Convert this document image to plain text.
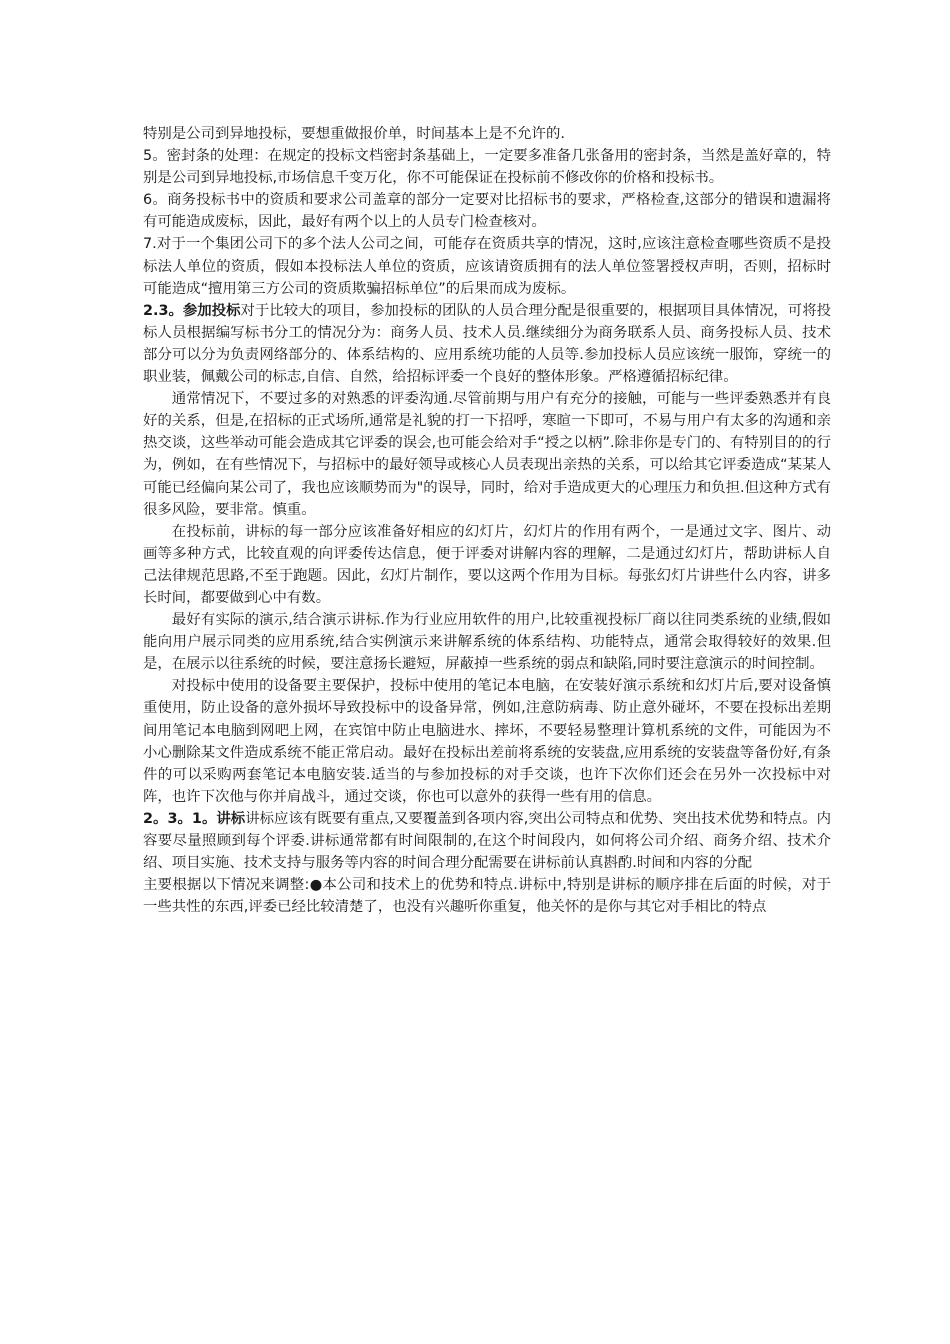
特别是公司到异地投标，要想重做报价单，时间基本上是不允许的.

5。密封条的处理：在规定的投标文档密封条基础上，一定要多准备几张备用的密封条，当然是盖好章的，特别是公司到异地投标,市场信息千变万化，你不可能保证在投标前不修改你的价格和投标书。

6。商务投标书中的资质和要求公司盖章的部分一定要对比招标书的要求，严格检查,这部分的错误和遗漏将有可能造成废标，因此，最好有两个以上的人员专门检查核对。

7.对于一个集团公司下的多个法人公司之间，可能存在资质共享的情况，这时,应该注意检查哪些资质不是投标法人单位的资质，假如本投标法人单位的资质，应该请资质拥有的法人单位签署授权声明，否则，招标时可能造成“擅用第三方公司的资质欺骗招标单位”的后果而成为废标。

2.3。参加投标对于比较大的项目，参加投标的团队的人员合理分配是很重要的，根据项目具体情况，可将投标人员根据编写标书分工的情况分为：商务人员、技术人员.继续细分为商务联系人员、商务投标人员、技术部分可以分为负责网络部分的、体系结构的、应用系统功能的人员等.参加投标人员应该统一服饰，穿统一的职业装，佩戴公司的标志,自信、自然，给招标评委一个良好的整体形象。严格遵循招标纪律。

通常情况下，不要过多的对熟悉的评委沟通.尽管前期与用户有充分的接触，可能与一些评委熟悉并有良好的关系，但是,在招标的正式场所,通常是礼貌的打一下招呼，寒暄一下即可，不易与用户有太多的沟通和亲热交谈，这些举动可能会造成其它评委的误会,也可能会给对手“授之以柄”.除非你是专门的、有特别目的的行为，例如，在有些情况下，与招标中的最好领导或核心人员表现出亲热的关系，可以给其它评委造成“某某人可能已经偏向某公司了，我也应该顺势而为"的误导，同时，给对手造成更大的心理压力和负担.但这种方式有很多风险，要非常。慎重。

在投标前，讲标的每一部分应该准备好相应的幻灯片，幻灯片的作用有两个，一是通过文字、图片、动画等多种方式，比较直观的向评委传达信息，便于评委对讲解内容的理解，二是通过幻灯片，帮助讲标人自己法律规范思路,不至于跑题。因此，幻灯片制作，要以这两个作用为目标。每张幻灯片讲些什么内容，讲多长时间，都要做到心中有数。

最好有实际的演示,结合演示讲标.作为行业应用软件的用户,比较重视投标厂商以往同类系统的业绩,假如能向用户展示同类的应用系统,结合实例演示来讲解系统的体系结构、功能特点，通常会取得较好的效果.但是，在展示以往系统的时候，要注意扬长避短，屏蔽掉一些系统的弱点和缺陷,同时要注意演示的时间控制。

对投标中使用的设备要主要保护，投标中使用的笔记本电脑，在安装好演示系统和幻灯片后,要对设备慎重使用，防止设备的意外损坏导致投标中的设备异常，例如,注意防病毒、防止意外碰坏，不要在投标出差期间用笔记本电脑到网吧上网，在宾馆中防止电脑进水、摔坏，不要轻易整理计算机系统的文件，可能因为不小心删除某文件造成系统不能正常启动。最好在投标出差前将系统的安装盘,应用系统的安装盘等备份好,有条件的可以采购两套笔记本电脑安装.适当的与参加投标的对手交谈，也许下次你们还会在另外一次投标中对阵，也许下次他与你并肩战斗，通过交谈，你也可以意外的获得一些有用的信息。

2。3。1。讲标讲标应该有既要有重点,又要覆盖到各项内容,突出公司特点和优势、突出技术优势和特点。内容要尽量照顾到每个评委.讲标通常都有时间限制的,在这个时间段内，如何将公司介绍、商务介绍、技术介绍、项目实施、技术支持与服务等内容的时间合理分配需要在讲标前认真斟酌.时间和内容的分配

主要根据以下情况来调整:●本公司和技术上的优势和特点.讲标中,特别是讲标的顺序排在后面的时候，对于一些共性的东西,评委已经比较清楚了，也没有兴趣听你重复，他关怀的是你与其它对手相比的特点
